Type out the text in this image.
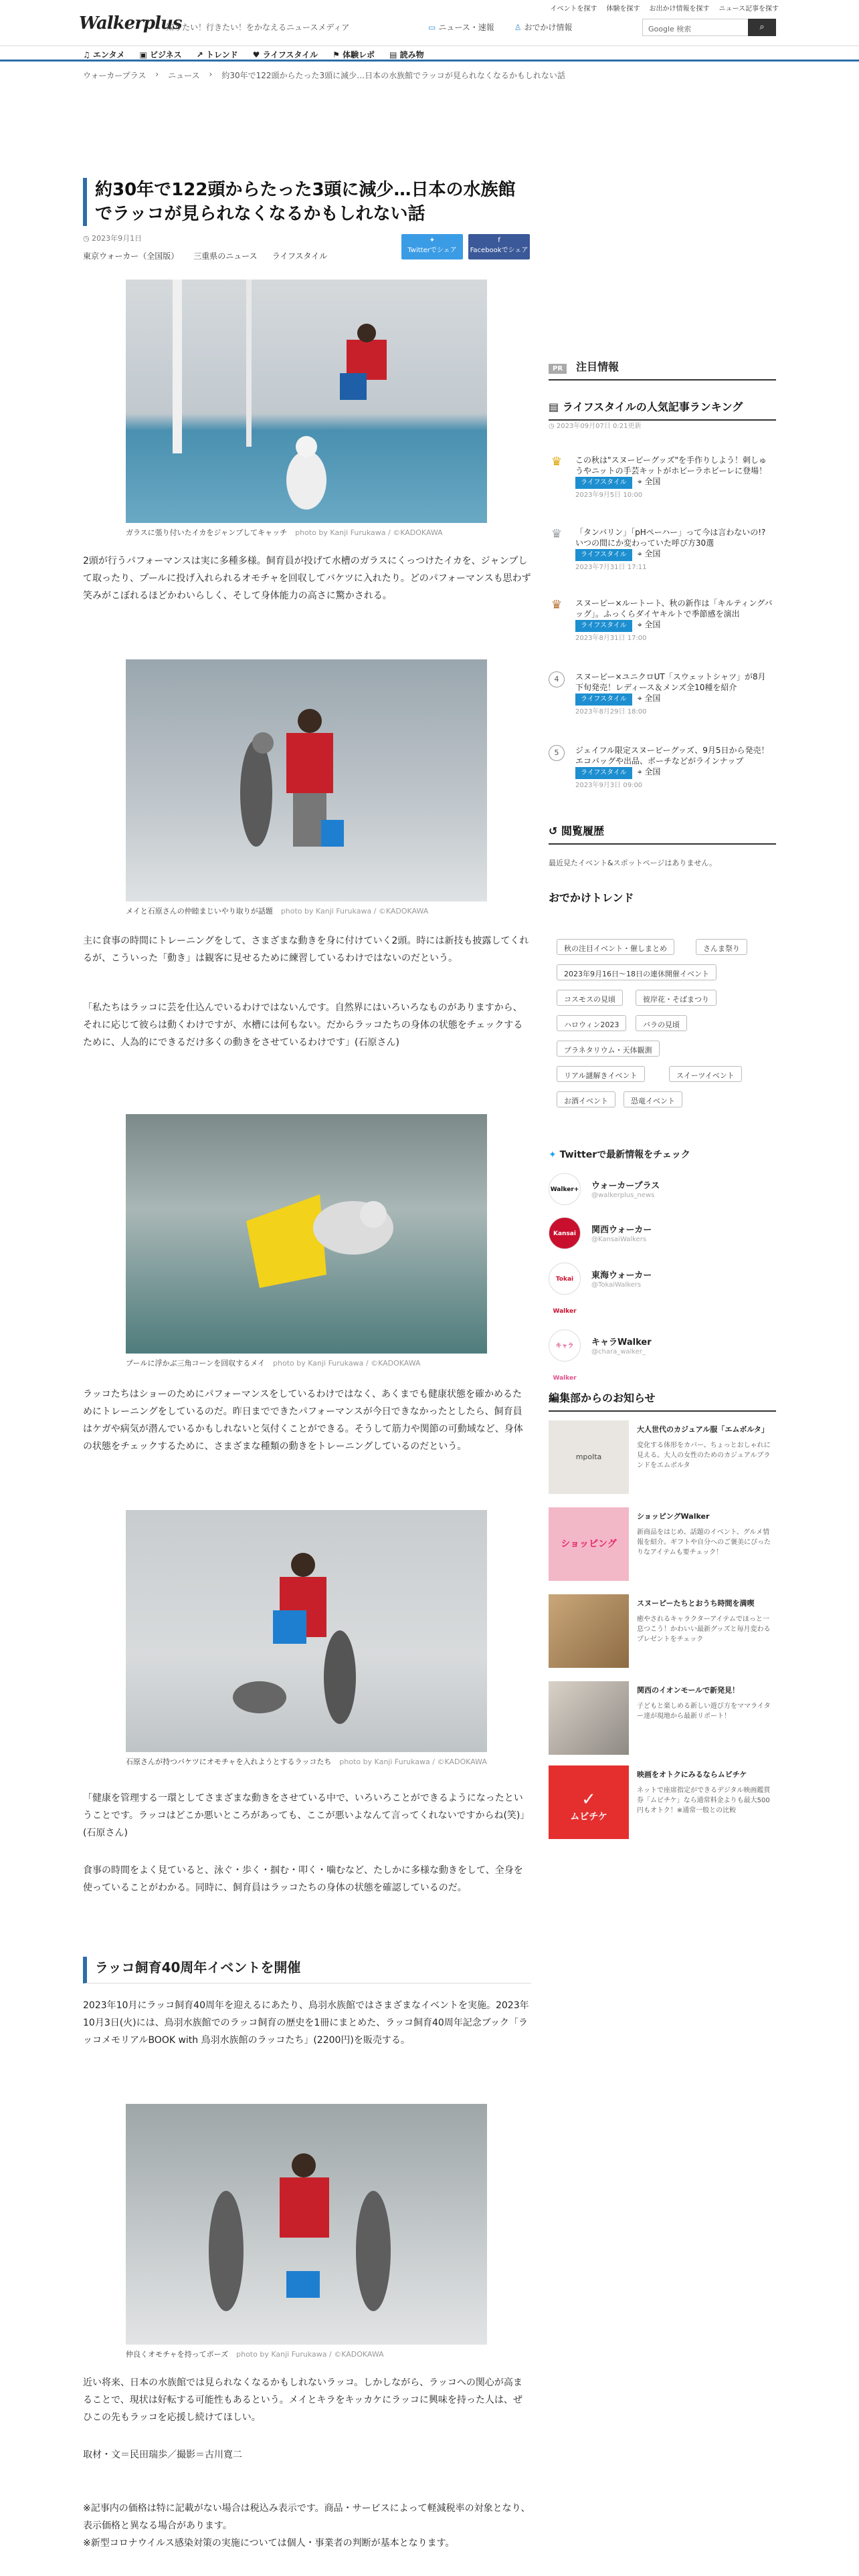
イベントを探す 体験を探す お出かけ情報を探す ニュース記事を探す
Walkerplus
知りたい！行きたい！をかなえるニュースメディア	▭ ニュース・速報	♙ おでかけ情報	Google 検索	⌕
♫ エンタメ ▣ ビジネス ↗ トレンド ♥ ライフスタイル ⚑ 体験レポ ▤ 読み物
ウォーカープラス › ニュース › 約30年で122頭からたった3頭に減少…日本の水族館でラッコが見られなくなるかもしれない話
約30年で122頭からたった3頭に減少…日本の水族館でラッコが見られなくなるかもしれない話
◷ 2023年9月1日
東京ウォーカー（全国版） 三重県のニュース ライフスタイル
✦
Twitterでシェア
f
Facebookでシェア
ガラスに張り付いたイカをジャンプしてキャッチ photo by Kanji Furukawa / ©KADOKAWA

2頭が行うパフォーマンスは実に多種多様。飼育員が投げて水槽のガラスにくっつけたイカを、ジャンプして取ったり、プールに投げ入れられるオモチャを回収してバケツに入れたり。どのパフォーマンスも思わず笑みがこぼれるほどかわいらしく、そして身体能力の高さに驚かされる。

メイと石原さんの仲睦まじいやり取りが話題 photo by Kanji Furukawa / ©KADOKAWA

主に食事の時間にトレーニングをして、さまざまな動きを身に付けていく2頭。時には新技も披露してくれるが、こういった「動き」は観客に見せるために練習しているわけではないのだという。

「私たちはラッコに芸を仕込んでいるわけではないんです。自然界にはいろいろなものがありますから、それに応じて彼らは動くわけですが、水槽には何もない。だからラッコたちの身体の状態をチェックするために、人為的にできるだけ多くの動きをさせているわけです」(石原さん)

プールに浮かぶ三角コーンを回収するメイ photo by Kanji Furukawa / ©KADOKAWA

ラッコたちはショーのためにパフォーマンスをしているわけではなく、あくまでも健康状態を確かめるためにトレーニングをしているのだ。昨日までできたパフォーマンスが今日できなかったとしたら、飼育員はケガや病気が潜んでいるかもしれないと気付くことができる。そうして筋力や関節の可動域など、身体の状態をチェックするために、さまざまな種類の動きをトレーニングしているのだという。

石原さんが持つバケツにオモチャを入れようとするラッコたち photo by Kanji Furukawa / ©KADOKAWA

「健康を管理する一環としてさまざまな動きをさせている中で、いろいろことができるようになったということです。ラッコはどこか悪いところがあっても、ここが悪いよなんて言ってくれないですからね(笑)」(石原さん)

食事の時間をよく見ていると、泳ぐ・歩く・掴む・叩く・噛むなど、たしかに多様な動きをして、全身を使っていることがわかる。同時に、飼育員はラッコたちの身体の状態を確認しているのだ。

ラッコ飼育40周年イベントを開催

2023年10月にラッコ飼育40周年を迎えるにあたり、鳥羽水族館ではさまざまなイベントを実施。2023年10月3日(火)には、鳥羽水族館でのラッコ飼育の歴史を1冊にまとめた、ラッコ飼育40周年記念ブック「ラッコメモリアルBOOK with 鳥羽水族館のラッコたち」(2200円)を販売する。

仲良くオモチャを持ってポーズ photo by Kanji Furukawa / ©KADOKAWA

近い将来、日本の水族館では見られなくなるかもしれないラッコ。しかしながら、ラッコへの関心が高まることで、現状は好転する可能性もあるという。メイとキラをキッカケにラッコに興味を持った人は、ぜひこの先もラッコを応援し続けてほしい。

取材・文＝民田瑞歩／撮影＝古川寛二

※記事内の価格は特に記載がない場合は税込み表示です。商品・サービスによって軽減税率の対象となり、表示価格と異なる場合があります。

※新型コロナウイルス感染対策の実施については個人・事業者の判断が基本となります。

PR 注目情報
▤ ライフスタイルの人気記事ランキング
◷ 2023年09月07日 0:21更新
♛	この秋は"スヌーピーグッズ"を手作りしよう！刺しゅうやニットの手芸キットがホビーラホビーレに登場！
ライフスタイル ⌖ 全国
2023年9月5日 10:00
♛	「タンバリン」「pHペーハー」って今は言わないの!?いつの間にか変わっていた呼び方30選
ライフスタイル ⌖ 全国
2023年7月31日 17:11
♛	スヌーピー×ルートート、秋の新作は「キルティングバッグ」。ふっくらダイヤキルトで季節感を演出
ライフスタイル ⌖ 全国
2023年8月31日 17:00
4	スヌーピー×ユニクロUT「スウェットシャツ」が8月下旬発売！レディース＆メンズ全10種を紹介
ライフスタイル ⌖ 全国
2023年8月29日 18:00
5	ジェイフル限定スヌーピーグッズ、9月5日から発売！エコバッグや出品、ポーチなどがラインナップ
ライフスタイル ⌖ 全国
2023年9月3日 09:00
↺ 閲覧履歴
最近見たイベント&スポットページはありません。
おでかけトレンド
秋の注目イベント・催しまとめ	さんま祭り
2023年9月16日〜18日の連休開催イベント
コスモスの見頃	彼岸花・そばまつり
ハロウィン2023	バラの見頃
プラネタリウム・天体観測
リアル謎解きイベント	スイーツイベント
お酒イベント	恐竜イベント
✦ Twitterで最新情報をチェック
Walker+ ウォーカープラス
@walkerplus_news
Kansai Walker
関西ウォーカー
@KansaiWalkers
Tokai Walker
東海ウォーカー
@TokaiWalkers
キャラWalker
キャラWalker
@chara_walker_
編集部からのお知らせ
mpolta
大人世代のカジュアル服「エムボルタ」
変化する体形をカバー、ちょっとおしゃれに見える。大人の女性のためのカジュアルブランドをエムボルタ
ショッピング
ショッピングWalker
新商品をはじめ、話題のイベント、グルメ情報を紹介。ギフトや自分へのご褒美にぴったりなアイテムも要チェック！
スヌーピーたちとおうち時間を満喫
癒やされるキャラクターアイテムでほっと一息つこう！かわいい最新グッズと毎月変わるプレゼントをチェック
関西のイオンモールで新発見！
子どもと楽しめる新しい遊び方をママライター達が現地から最新リポート！
✓
ムビチケ
映画をオトクにみるならムビチケ
ネットで座席指定ができるデジタル映画鑑賞券「ムビチケ」なら通常料金よりも最大500円もオトク！※通常一般との比較
